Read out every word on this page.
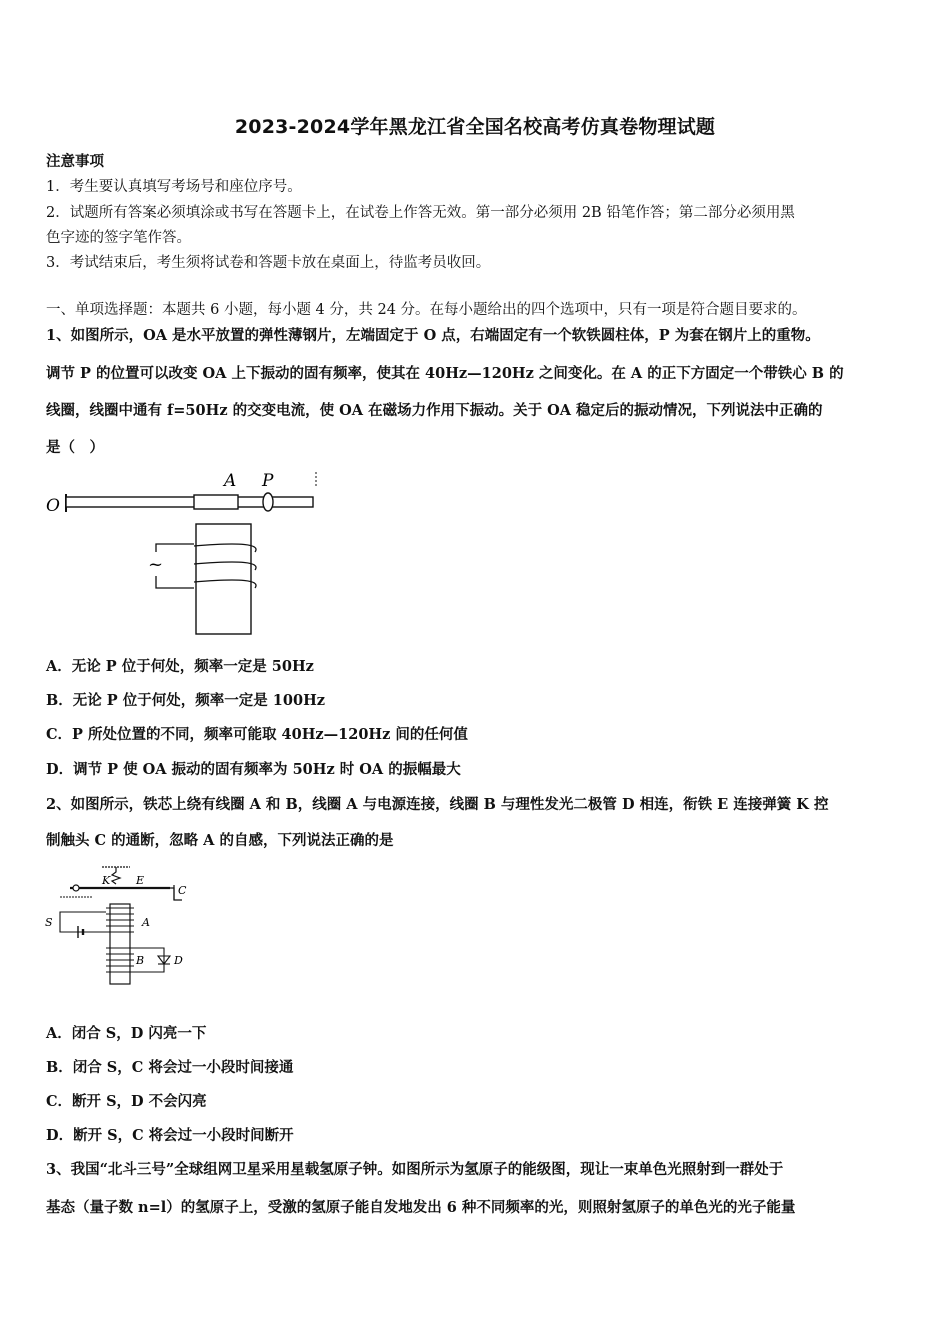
2023-2024学年黑龙江省全国名校高考仿真卷物理试题
注意事项
1．考生要认真填写考场号和座位序号。
2．试题所有答案必须填涂或书写在答题卡上，在试卷上作答无效。第一部分必须用 2B 铅笔作答；第二部分必须用黑
色字迹的签字笔作答。
3．考试结束后，考生须将试卷和答题卡放在桌面上，待监考员收回。
一、单项选择题：本题共 6 小题，每小题 4 分，共 24 分。在每小题给出的四个选项中，只有一项是符合题目要求的。
1、如图所示，OA 是水平放置的弹性薄钢片，左端固定于 O 点，右端固定有一个软铁圆柱体，P 为套在钢片上的重物。
调节 P 的位置可以改变 OA 上下振动的固有频率，使其在 40Hz—120Hz 之间变化。在 A 的正下方固定一个带铁心 B 的
线圈，线圈中通有 f=50Hz 的交变电流，使 OA 在磁场力作用下振动。关于 OA 稳定后的振动情况，下列说法中正确的
是（　）
O
A P
~
A．无论 P 位于何处，频率一定是 50Hz
B．无论 P 位于何处，频率一定是 100Hz
C．P 所处位置的不同，频率可能取 40Hz—120Hz 间的任何值
D．调节 P 使 OA 振动的固有频率为 50Hz 时 OA 的振幅最大
2、如图所示，铁芯上绕有线圈 A 和 B，线圈 A 与电源连接，线圈 B 与理性发光二极管 D 相连，衔铁 E 连接弹簧 K 控
制触头 C 的通断，忽略 A 的自感，下列说法正确的是
K E
C
A
S
B	D
A．闭合 S，D 闪亮一下
B．闭合 S，C 将会过一小段时间接通
C．断开 S，D 不会闪亮
D．断开 S，C 将会过一小段时间断开
3、我国“北斗三号”全球组网卫星采用星载氢原子钟。如图所示为氢原子的能级图，现让一束单色光照射到一群处于
基态（量子数 n=l）的氢原子上，受激的氢原子能自发地发出 6 种不同频率的光，则照射氢原子的单色光的光子能量
